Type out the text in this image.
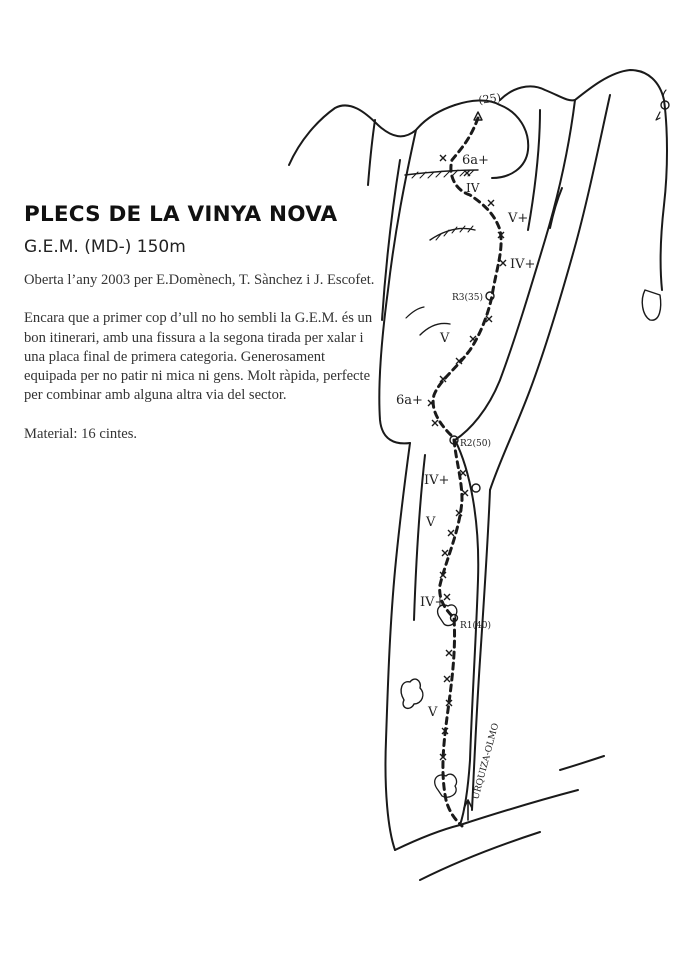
(25)
6a+
IV
V+
IV+
R3(35)
V
6a+
R2(50)
IV+
V
IV+
R1(40)
V
URQUIZA-OLMO
PLECS DE LA VINYA NOVA
G.E.M. (MD-) 150m

Oberta l’any 2003 per E.Domènech, T. Sànchez i J. Escofet.

Encara que a primer cop d’ull no ho sembli la G.E.M. és un bon itinerari, amb una fissura a la segona tirada per xalar i una placa final de primera categoria. Generosament equipada per no patir ni mica ni gens. Molt ràpida, perfecte per combinar amb alguna altra via del sector.

Material: 16 cintes.
